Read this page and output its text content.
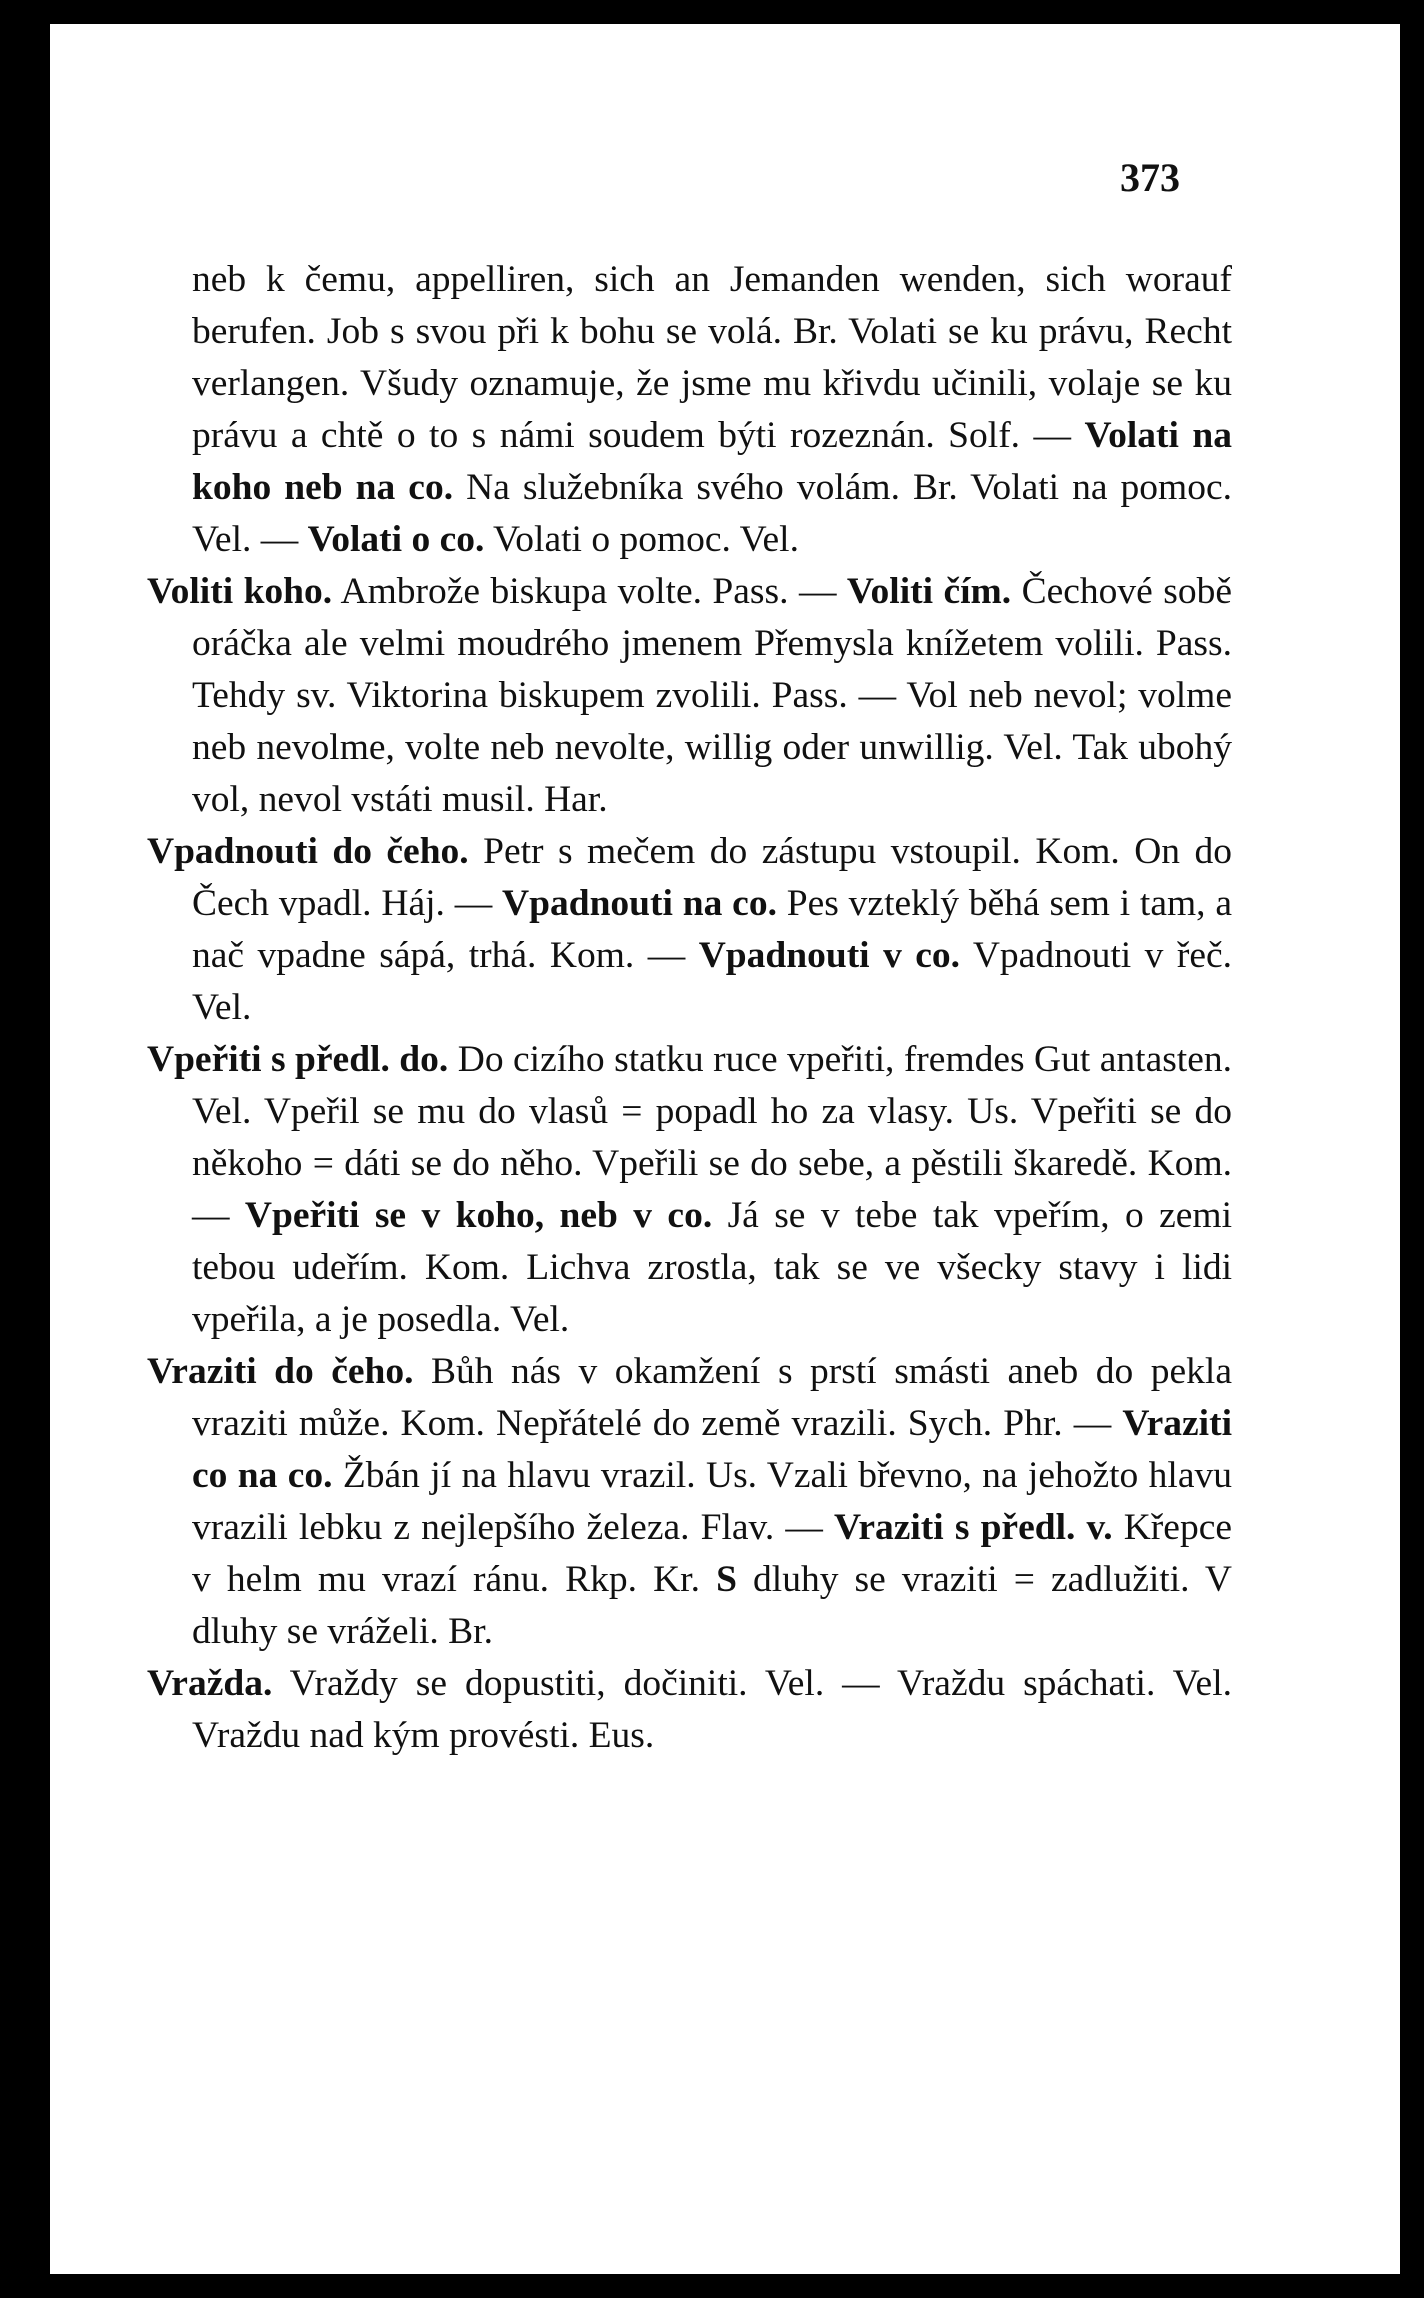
373

neb k čemu, appelliren, sich an Jemanden wenden, sich worauf berufen. Job s svou při k bohu se volá. Br. Volati se ku právu, Recht verlangen. Všudy oznamuje, že jsme mu křivdu učinili, volaje se ku právu a chtě o to s námi soudem býti rozeznán. Solf. — Volati na koho neb na co. Na služebníka svého volám. Br. Volati na pomoc. Vel. — Volati o co. Volati o pomoc. Vel.

Voliti koho. Ambrože biskupa volte. Pass. — Voliti čím. Čechové sobě oráčka ale velmi moudrého jmenem Přemysla knížetem volili. Pass. Tehdy sv. Viktorina biskupem zvolili. Pass. — Vol neb nevol; volme neb nevolme, volte neb nevolte, willig oder unwillig. Vel. Tak ubohý vol, nevol vstáti musil. Har.

Vpadnouti do čeho. Petr s mečem do zástupu vstoupil. Kom. On do Čech vpadl. Háj. — Vpadnouti na co. Pes vzteklý běhá sem i tam, a nač vpadne sápá, trhá. Kom. — Vpadnouti v co. Vpadnouti v řeč. Vel.

Vpeřiti s předl. do. Do cizího statku ruce vpeřiti, fremdes Gut antasten. Vel. Vpeřil se mu do vlasů = popadl ho za vlasy. Us. Vpeřiti se do někoho = dáti se do něho. Vpeřili se do sebe, a pěstili škaredě. Kom. — Vpeřiti se v koho, neb v co. Já se v tebe tak vpeřím, o zemi tebou udeřím. Kom. Lichva zrostla, tak se ve všecky stavy i lidi vpeřila, a je posedla. Vel.

Vraziti do čeho. Bůh nás v okamžení s prstí smásti aneb do pekla vraziti může. Kom. Nepřátelé do země vrazili. Sych. Phr. — Vraziti co na co. Žbán jí na hlavu vrazil. Us. Vzali břevno, na jehožto hlavu vrazili lebku z nejlepšího železa. Flav. — Vraziti s předl. v. Křepce v helm mu vrazí ránu. Rkp. Kr. S dluhy se vraziti = zadlužiti. V dluhy se vráželi. Br.

Vražda. Vraždy se dopustiti, dočiniti. Vel. — Vraždu spáchati. Vel. Vraždu nad kým provésti. Eus.
